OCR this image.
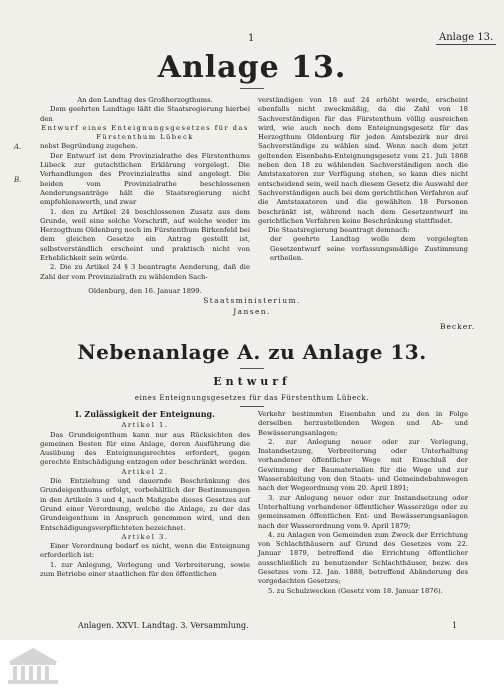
1	Anlage 13.
Anlage 13.

An den Landtag des Großherzogthums.

Dem geehrten Landtage läßt die Staatsregierung hierbei den

Entwurf eines Enteignungsgesetzes für das Fürstenthum Lübeck

nebst Begründung zugehen.

Der Entwurf ist dem Provinzialrathe des Fürstenthums Lübeck zur gutachtlichen Erklärung vorgelegt. Die Verhandlungen des Provinzialraths sind angelegt. Die beiden vom Provinzialrathe beschlossenen Aenderungsanträge hält die Staatsregierung nicht empfehlenswerth, und zwar

1. den zu Artikel 24 beschlossenen Zusatz aus dem Grunde, weil eine solche Vorschrift, auf welche weder im Herzogthum Oldenburg noch im Fürstenthum Birkenfeld bei dem gleichen Gesetze ein Antrag gestellt ist, selbstverständlich erscheint und praktisch nicht von Erheblichkeit sein würde.

2. Die zu Artikel 24 § 3 beantragte Aenderung, daß die Zahl der vom Provinzialrath zu wählenden Sach-

Oldenburg, den 16. Januar 1899.

A.
B.

verständigen von 18 auf 24 erhöht werde, erscheint ebenfalls nicht zweckmäßig, da die Zahl von 18 Sachverständigen für das Fürstenthum völlig ausreichen wird, wie auch noch dem Enteignungsgesetz für das Herzogthum Oldenburg für jeden Amtsbezirk nur drei Sachverständige zu wählen sind. Wenn nach dem jetzt geltenden Eisenbahn-Enteignungsgesetz vom 21. Juli 1868 neben den 18 zu wählenden Sachverständigen noch die Amtstaxatoren zur Verfügung stehen, so kann dies nicht entscheidend sein, weil nach diesem Gesetz die Auswahl der Sachverständigen auch bei dem gerichtlichen Verfahren auf die Amtstaxatoren und die gewählten 18 Personen beschränkt ist, während nach dem Gesetzentwurf im gerichtlichen Verfahren keine Beschränkung stattfindet.

Die Staatsregierung beantragt demnach:

der geehrte Landtag wolle dem vorgelegten Gesetzentwurf seine verfassungsmäßige Zustimmung ertheilen.

Staatsministerium.
Jansen.
Becker.
Nebenanlage A. zu Anlage 13.
Entwurf
eines Enteignungsgesetzes für das Fürstenthum Lübeck.
I. Zulässigkeit der Enteignung.

Artikel 1.

Das Grundeigenthum kann nur aus Rücksichten des gemeinen Besten für eine Anlage, deren Ausführung die Ausübung des Enteignungsrechtes erfordert, gegen gerechte Entschädigung entzogen oder beschränkt werden.

Artikel 2.

Die Entziehung und dauernde Beschränkung des Grundeigenthums erfolgt, vorbehältlich der Bestimmungen in den Artikeln 3 und 4, nach Maßgabe dieses Gesetzes auf Grund einer Verordnung, welche die Anlage, zu der das Grundeigenthum in Anspruch genommen wird, und den Entschädigungsverpflichteten bezeichnet.

Artikel 3.

Einer Verordnung bedarf es nicht, wenn die Enteignung erforderlich ist:

1. zur Anlegung, Verlegung und Verbreiterung, sowie zum Betriebe einer staatlichen für den öffentlichen

Verkehr bestimmten Eisenbahn und zu den in Folge derselben herzustellenden Wegen und Ab- und Bewässerungsanlagen;

2. zur Anlegung neuer oder zur Verlegung, Instandsetzung, Verbreiterung oder Unterhaltung vorhandener öffentlicher Wege mit Einschluß der Gewinnung der Baumaterialien für die Wege und zur Wasserableitung von den Staats- und Gemeindebahnwegen nach der Wegeordnung vom 20. April 1891;

3. zur Anlegung neuer oder zur Instandsetzung oder Unterhaltung vorhandener öffentlicher Wasserzüge oder zu gemeinsamen öffentlichen Ent- und Bewässerungsanlagen nach der Wasserordnung vom 9. April 1879;

4. zu Anlagen von Gemeinden zum Zweck der Errichtung von Schlachthäusern auf Grund des Gesetzes vom 22. Januar 1879, betreffend die Errichtung öffentlicher ausschließlich zu benutzender Schlachthäuser, bezw. des Gesetzes vom 12. Jan. 1888, betreffend Abänderung des vorgedachten Gesetzes;

5. zu Schulzwecken (Gesetz vom 18. Januar 1876).

Anlagen. XXVI. Landtag. 3. Versammlung.	1
